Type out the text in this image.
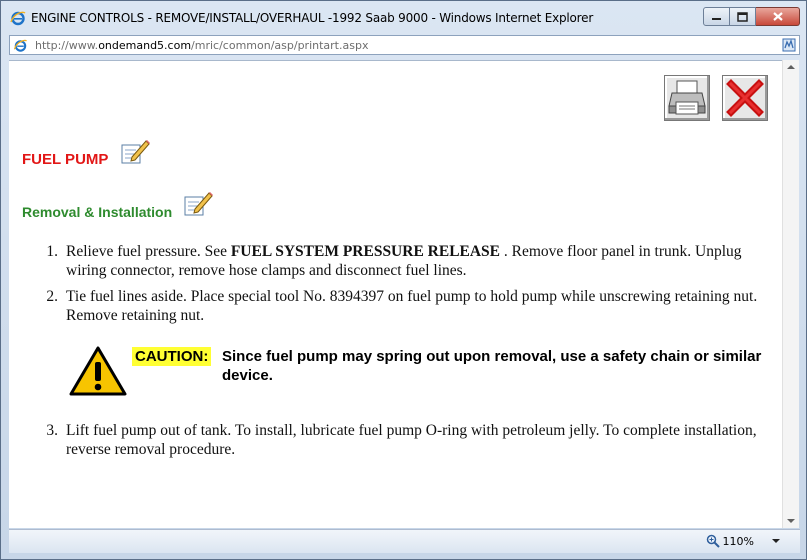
ENGINE CONTROLS - REMOVE/INSTALL/OVERHAUL -1992 Saab 9000 - Windows Internet Explorer
http://www.ondemand5.com/mric/common/asp/printart.aspx
FUEL PUMP
Removal & Installation
1. Relieve fuel pressure. See FUEL SYSTEM PRESSURE RELEASE . Remove floor panel in trunk. Unplug wiring connector, remove hose clamps and disconnect fuel lines.
2. Tie fuel lines aside. Place special tool No. 8394397 on fuel pump to hold pump while unscrewing retaining nut. Remove retaining nut.
CAUTION: Since fuel pump may spring out upon removal, use a safety chain or similar device.
3. Lift fuel pump out of tank. To install, lubricate fuel pump O-ring with petroleum jelly. To complete installation, reverse removal procedure.
110%
